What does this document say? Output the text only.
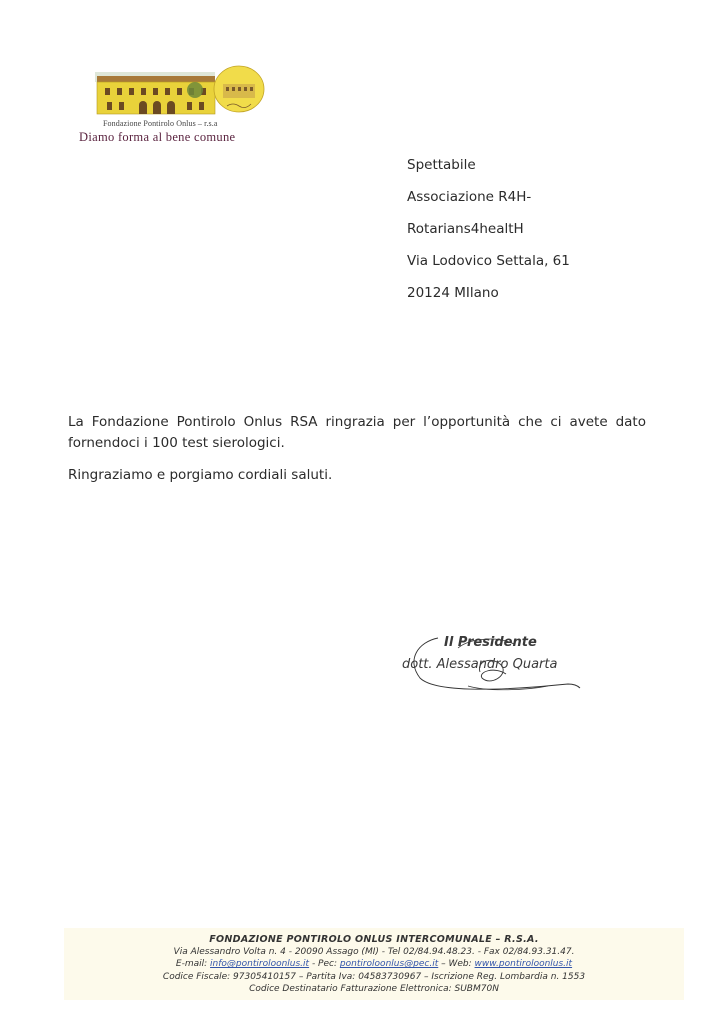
Fondazione Pontirolo Onlus – r.s.a
Diamo forma al bene comune
Spettabile
Associazione R4H-
Rotarians4healtH
Via Lodovico Settala, 61
20124 MIlano

La Fondazione Pontirolo Onlus RSA ringrazia per l’opportunità che ci avete dato fornendoci i 100 test sierologici.

Ringraziamo e porgiamo cordiali saluti.

Il Presidente
dott. Alessandro Quarta
FONDAZIONE PONTIROLO ONLUS INTERCOMUNALE – R.S.A.
Via Alessandro Volta n. 4 - 20090 Assago (MI) - Tel 02/84.94.48.23. - Fax 02/84.93.31.47.
E-mail: info@pontiroloonlus.it - Pec: pontiroloonlus@pec.it – Web: www.pontiroloonlus.it
Codice Fiscale: 97305410157 – Partita Iva: 04583730967 – Iscrizione Reg. Lombardia n. 1553
Codice Destinatario Fatturazione Elettronica: SUBM70N
